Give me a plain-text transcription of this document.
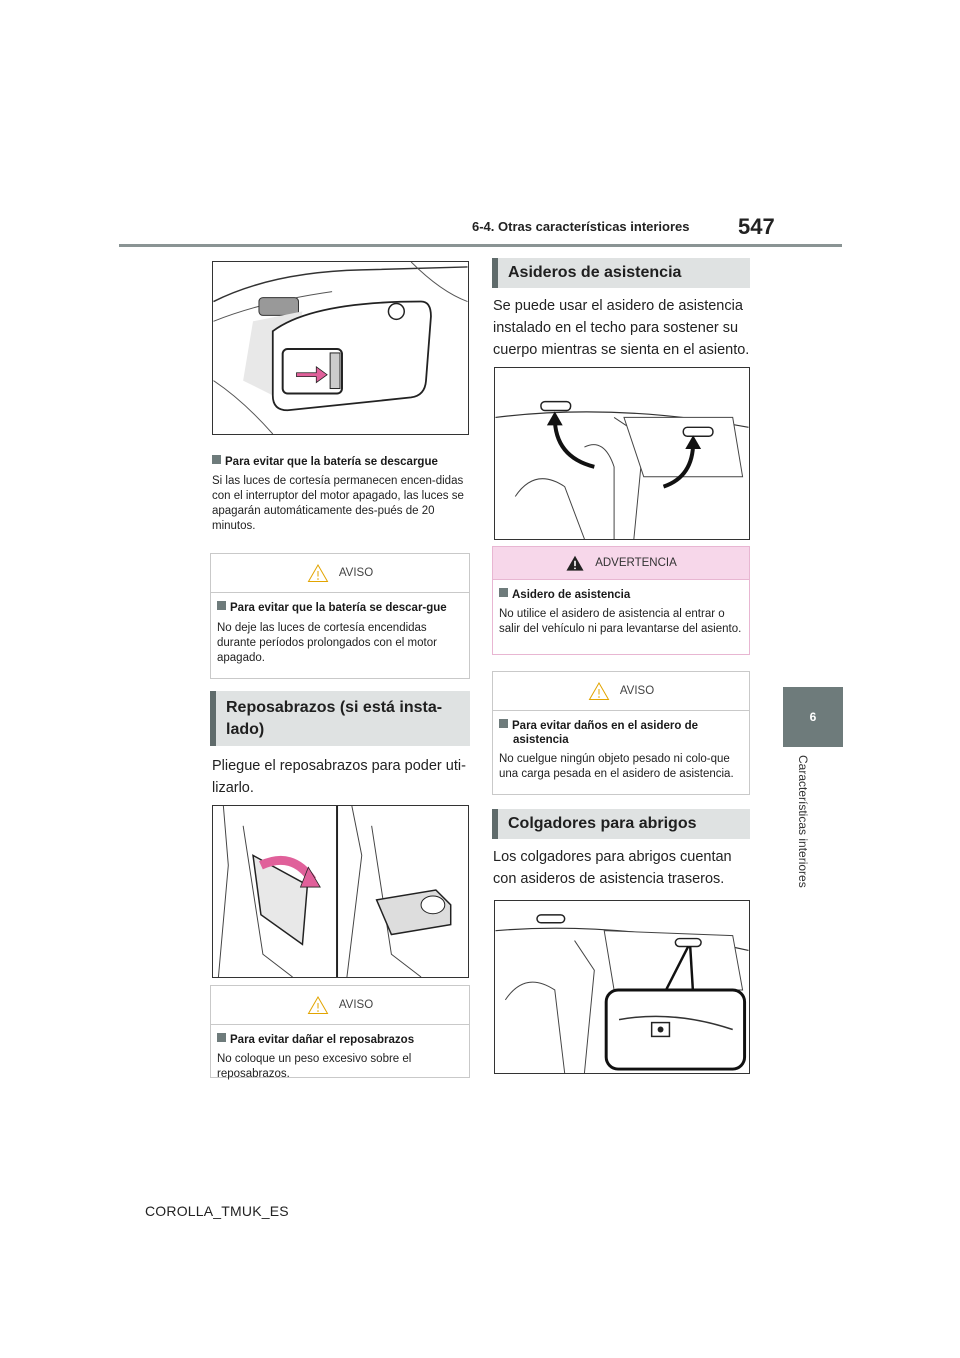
6-4. Otras características interiores 547
6
Características interiores
Para evitar que la batería se descargue
Si las luces de cortesía permanecen encen-didas con el interruptor del motor apagado, las luces se apagarán automáticamente des-pués de 20 minutos.
AVISO
Para evitar que la batería se descar-gue
No deje las luces de cortesía encendidas durante períodos prolongados con el motor apagado.
Reposabrazos (si está insta-lado)
Pliegue el reposabrazos para poder uti-lizarlo.
AVISO
Para evitar dañar el reposabrazos
No coloque un peso excesivo sobre el reposabrazos.
Asideros de asistencia
Se puede usar el asidero de asistencia instalado en el techo para sostener su cuerpo mientras se sienta en el asiento.
ADVERTENCIA
Asidero de asistencia
No utilice el asidero de asistencia al entrar o salir del vehículo ni para levantarse del asiento.
AVISO
Para evitar daños en el asidero de asistencia
No cuelgue ningún objeto pesado ni colo-que una carga pesada en el asidero de asistencia.
Colgadores para abrigos
Los colgadores para abrigos cuentan con asideros de asistencia traseros.
COROLLA_TMUK_ES
